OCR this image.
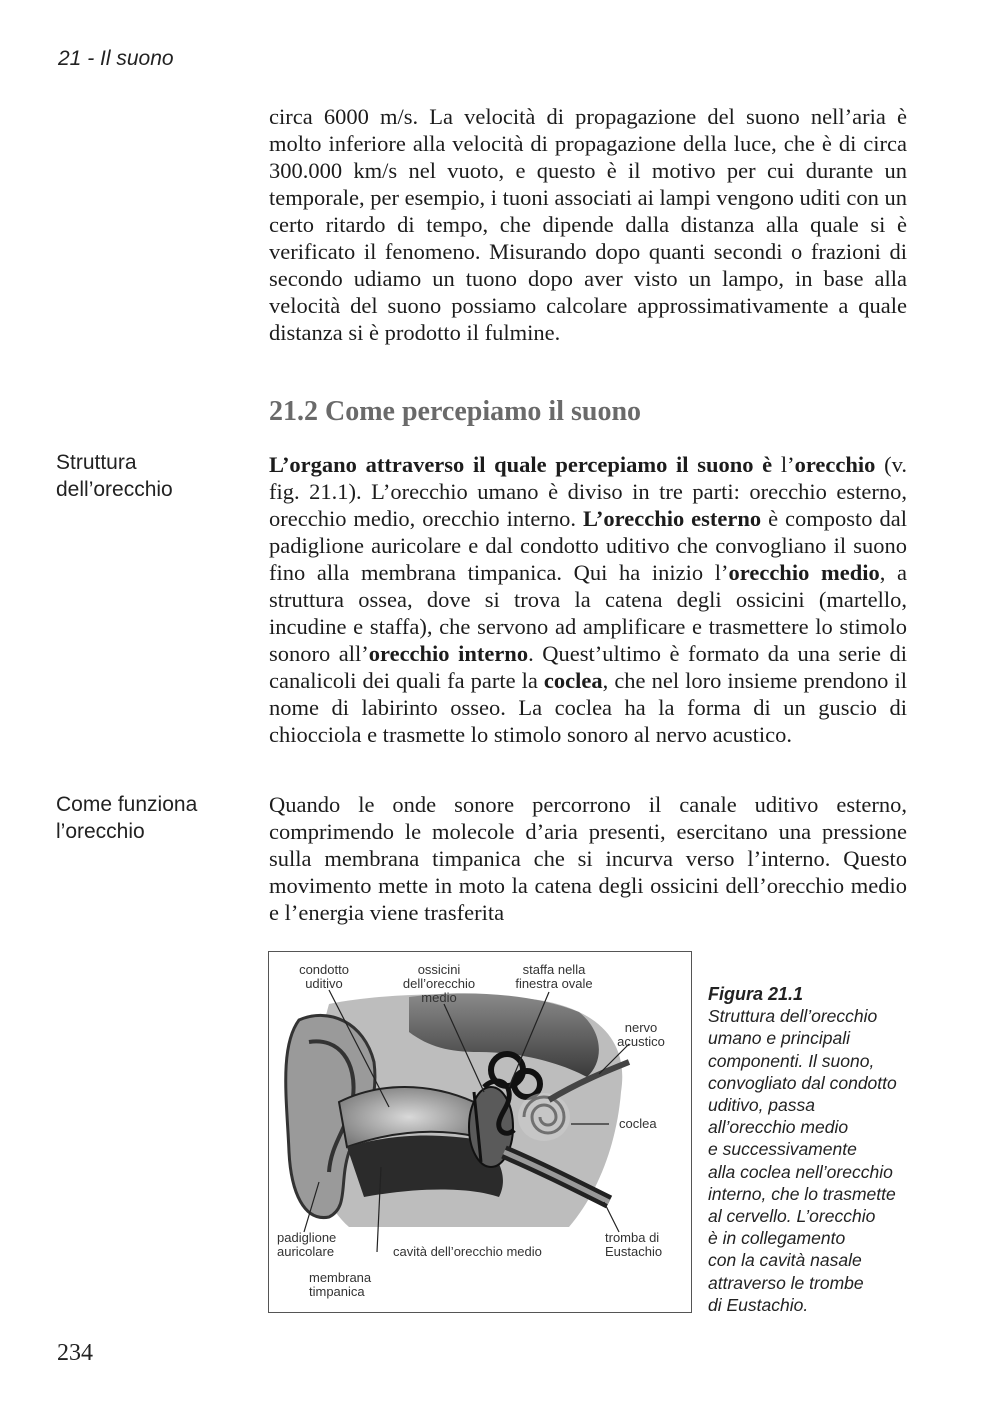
21 - Il suono

circa 6000 m/s. La velocità di propagazione del suono nell’aria è molto inferiore alla velocità di propagazione della luce, che è di circa 300.000 km/s nel vuoto, e questo è il motivo per cui durante un temporale, per esempio, i tuoni associati ai lampi vengono uditi con un certo ritardo di tempo, che dipende dalla distanza alla quale si è verificato il fenomeno. Misurando dopo quanti secondi o frazioni di secondo udiamo un tuono dopo aver visto un lampo, in base alla velocità del suono possiamo calcolare approssimativamente a quale distanza si è prodotto il fulmine.

21.2 Come percepiamo il suono
Struttura
dell’orecchio

L’organo attraverso il quale percepiamo il suono è l’orecchio (v. fig. 21.1). L’orecchio umano è diviso in tre parti: orecchio esterno, orecchio medio, orecchio interno. L’orecchio esterno è composto dal padiglione auricolare e dal condotto uditivo che convogliano il suono fino alla membrana timpanica. Qui ha inizio l’orecchio medio, a struttura ossea, dove si trova la catena degli ossicini (martello, incudine e staffa), che servono ad amplificare e trasmettere lo stimolo sonoro all’orecchio interno. Quest’ultimo è formato da una serie di canalicoli dei quali fa parte la coclea, che nel loro insieme prendono il nome di labirinto osseo. La coclea ha la forma di un guscio di chiocciola e trasmette lo stimolo sonoro al nervo acustico.

Come funziona
l’orecchio

Quando le onde sonore percorrono il canale uditivo esterno, comprimendo le molecole d’aria presenti, esercitano una pressione sulla membrana timpanica che si incurva verso l’interno. Questo movimento mette in moto la catena degli ossicini dell’orecchio medio e l’energia viene trasferita

condotto
uditivo
ossicini
dell’orecchio
medio
staffa nella
finestra ovale
nervo
acustico
coclea
padiglione
auricolare	cavità dell’orecchio medio
tromba di
Eustachio
membrana
timpanica
Figura 21.1
Struttura dell’orecchio
umano e principali
componenti. Il suono,
convogliato dal condotto
uditivo, passa
all’orecchio medio
e successivamente
alla coclea nell’orecchio
interno, che lo trasmette
al cervello. L’orecchio
è in collegamento
con la cavità nasale
attraverso le trombe
di Eustachio.
234
